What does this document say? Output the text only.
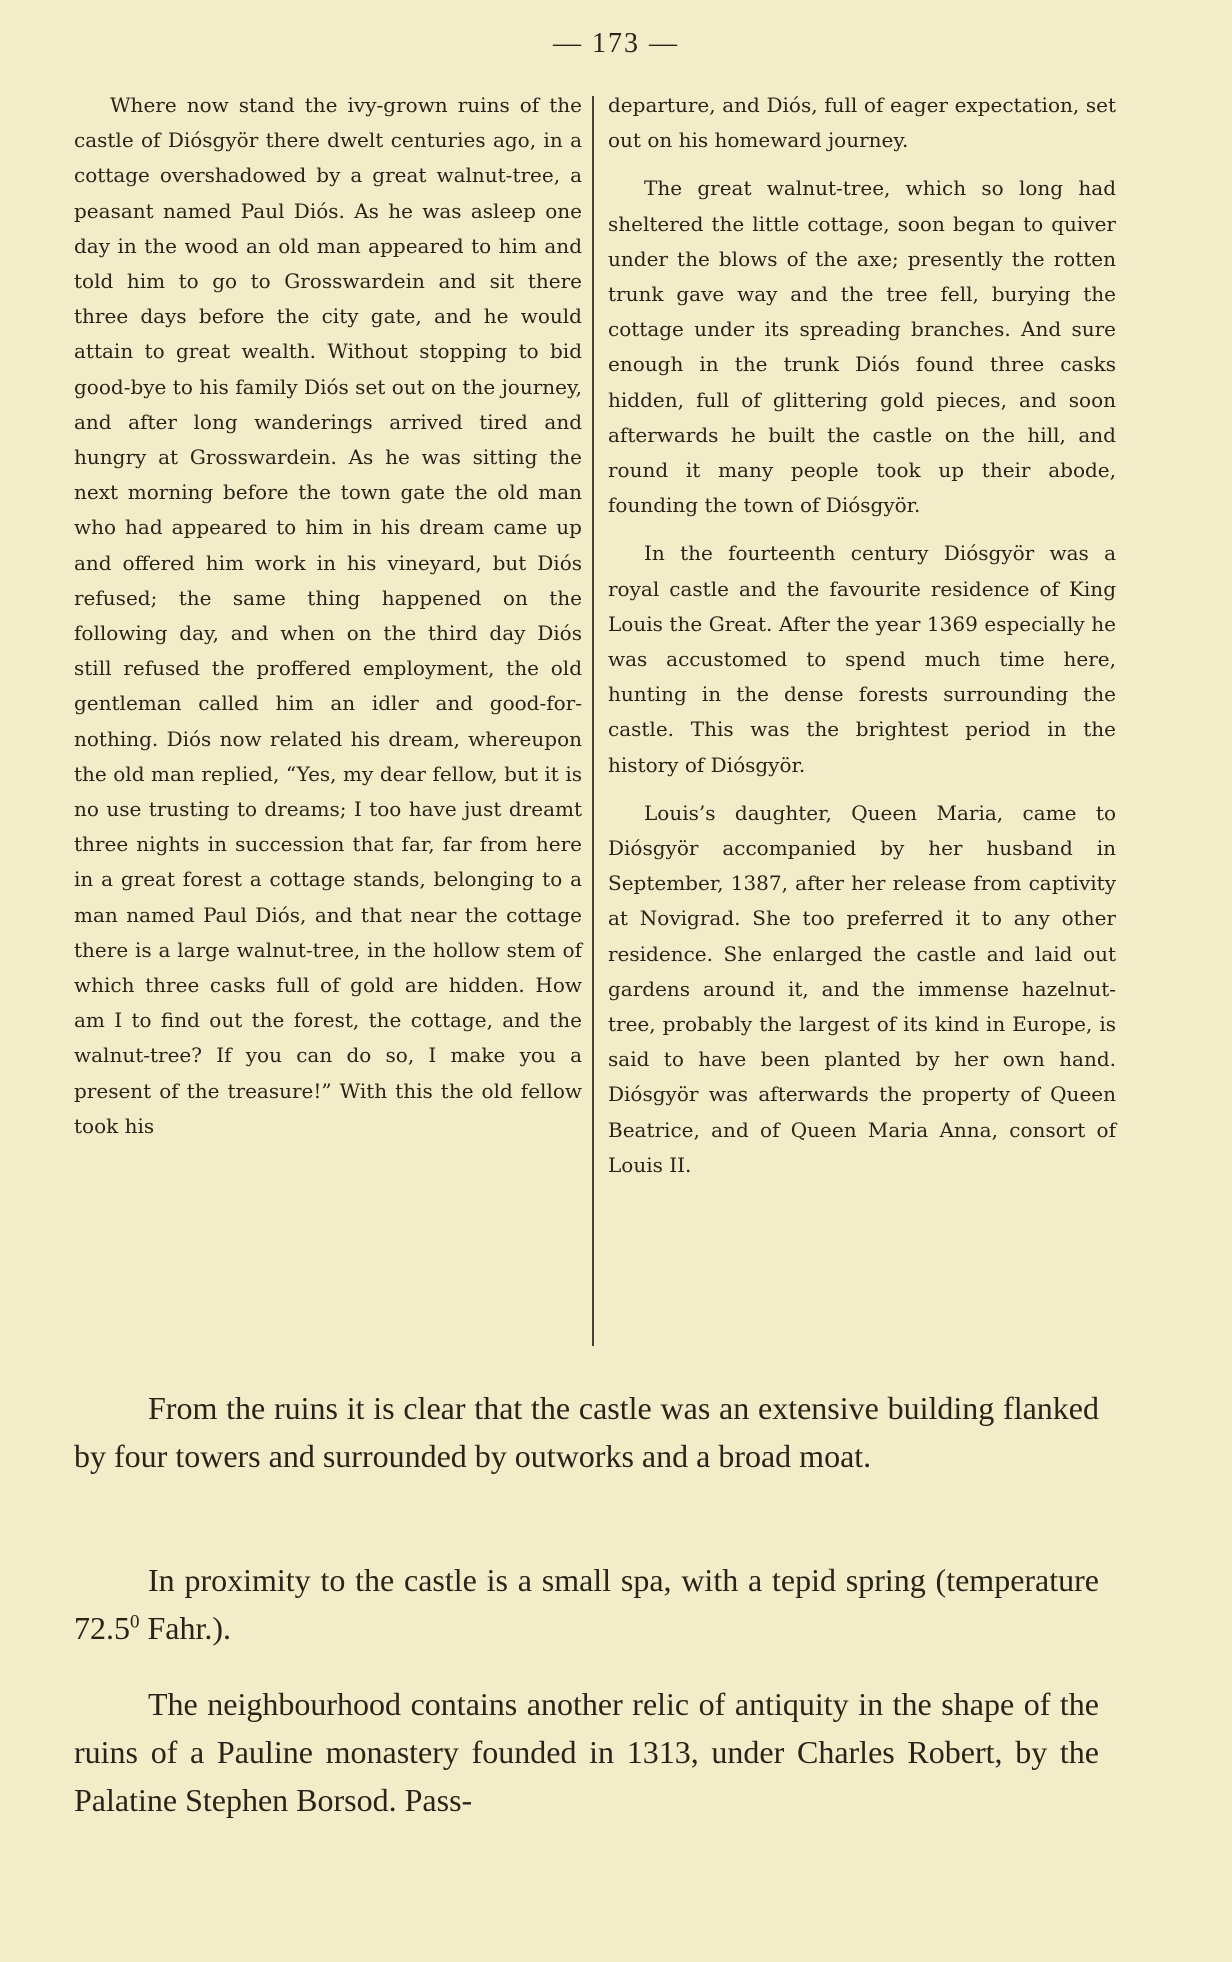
— 173 —

Where now stand the ivy-grown ruins of the castle of Diósgyör there dwelt centuries ago, in a cottage overshadowed by a great walnut-tree, a peasant named Paul Diós. As he was asleep one day in the wood an old man appeared to him and told him to go to Grosswardein and sit there three days before the city gate, and he would attain to great wealth. Without stopping to bid good-bye to his family Diós set out on the journey, and after long wanderings arrived tired and hungry at Grosswardein. As he was sitting the next morning before the town gate the old man who had appeared to him in his dream came up and offered him work in his vineyard, but Diós refused; the same thing happened on the following day, and when on the third day Diós still refused the proffered employment, the old gentleman called him an idler and good-for-nothing. Diós now related his dream, whereupon the old man replied, “Yes, my dear fellow, but it is no use trusting to dreams; I too have just dreamt three nights in succession that far, far from here in a great forest a cottage stands, belonging to a man named Paul Diós, and that near the cottage there is a large walnut-tree, in the hollow stem of which three casks full of gold are hidden. How am I to find out the forest, the cottage, and the walnut-tree? If you can do so, I make you a present of the treasure!” With this the old fellow took his

departure, and Diós, full of eager expectation, set out on his homeward journey.

The great walnut-tree, which so long had sheltered the little cottage, soon began to quiver under the blows of the axe; presently the rotten trunk gave way and the tree fell, burying the cottage under its spreading branches. And sure enough in the trunk Diós found three casks hidden, full of glittering gold pieces, and soon afterwards he built the castle on the hill, and round it many people took up their abode, founding the town of Diósgyör.

In the fourteenth century Diósgyör was a royal castle and the favourite residence of King Louis the Great. After the year 1369 especially he was accustomed to spend much time here, hunting in the dense forests surrounding the castle. This was the brightest period in the history of Diósgyör.

Louis’s daughter, Queen Maria, came to Diósgyör accompanied by her husband in September, 1387, after her release from captivity at Novigrad. She too preferred it to any other residence. She enlarged the castle and laid out gardens around it, and the immense hazelnut-tree, probably the largest of its kind in Europe, is said to have been planted by her own hand. Diósgyör was afterwards the property of Queen Beatrice, and of Queen Maria Anna, consort of Louis II.

From the ruins it is clear that the castle was an extensive building flanked by four towers and surrounded by outworks and a broad moat.

In proximity to the castle is a small spa, with a tepid spring (temperature 72.5$^0$ Fahr.).

The neighbourhood contains another relic of antiquity in the shape of the ruins of a Pauline monastery founded in 1313, under Charles Robert, by the Palatine Stephen Borsod. Pass-
